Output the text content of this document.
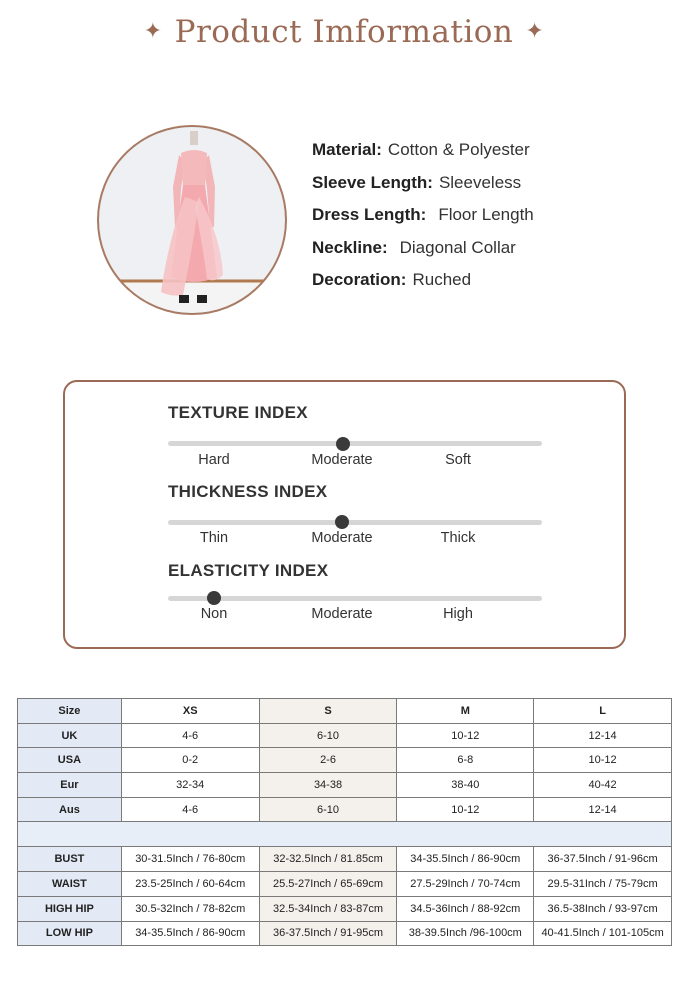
✦ Product Imformation ✦
Material: Cotton & Polyester
Sleeve Length: Sleeveless
Dress Length: Floor Length
Neckline: Diagonal Collar
Decoration: Ruched
TEXTURE INDEX
Hard	Moderate	Soft
THICKNESS INDEX
Thin	Moderate	Thick
ELASTICITY INDEX
Non	Moderate	High
Size	XS	S	M	L
UK	4-6	6-10	10-12	12-14
USA	0-2	2-6	6-8	10-12
Eur	32-34	34-38	38-40	40-42
Aus	4-6	6-10	10-12	12-14

BUST	30-31.5Inch / 76-80cm	32-32.5Inch / 81.85cm	34-35.5Inch / 86-90cm	36-37.5Inch / 91-96cm
WAIST	23.5-25Inch / 60-64cm	25.5-27Inch / 65-69cm	27.5-29Inch / 70-74cm	29.5-31Inch / 75-79cm
HIGH HIP	30.5-32Inch / 78-82cm	32.5-34Inch / 83-87cm	34.5-36Inch / 88-92cm	36.5-38Inch / 93-97cm
LOW HIP	34-35.5Inch / 86-90cm	36-37.5Inch / 91-95cm	38-39.5Inch /96-100cm	40-41.5Inch / 101-105cm
